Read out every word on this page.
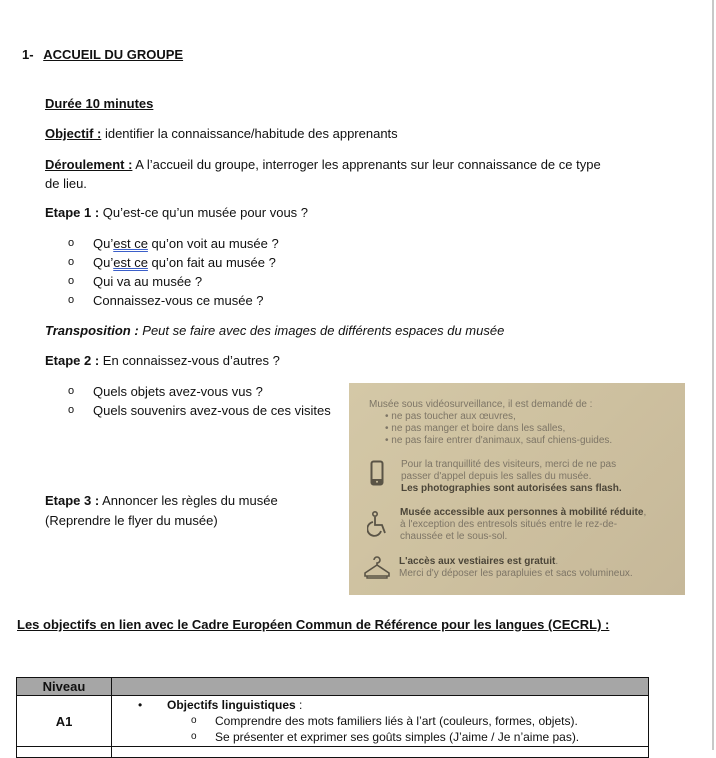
1- ACCUEIL DU GROUPE
Durée 10 minutes
Objectif : identifier la connaissance/habitude des apprenants
Déroulement : A l’accueil du groupe, interroger les apprenants sur leur connaissance de ce type
de lieu.
Etape 1 : Qu’est-ce qu’un musée pour vous ?
o Qu’est ce qu’on voit au musée ?
o Qu’est ce qu’on fait au musée ?
o Qui va au musée ?
o Connaissez-vous ce musée ?
Transposition : Peut se faire avec des images de différents espaces du musée
Etape 2 : En connaissez-vous d’autres ?
o Quels objets avez-vous vus ?
o Quels souvenirs avez-vous de ces visites
Etape 3 : Annoncer les règles du musée
(Reprendre le flyer du musée)
Musée sous vidéosurveillance, il est demandé de :
• ne pas toucher aux œuvres,
• ne pas manger et boire dans les salles,
• ne pas faire entrer d'animaux, sauf chiens-guides.
Pour la tranquillité des visiteurs, merci de ne pas
passer d'appel depuis les salles du musée.
Les photographies sont autorisées sans flash.
Musée accessible aux personnes à mobilité réduite,
à l'exception des entresols situés entre le rez-de-
chaussée et le sous-sol.
L'accès aux vestiaires est gratuit.
Merci d'y déposer les parapluies et sacs volumineux.
Les objectifs en lien avec le Cadre Européen Commun de Référence pour les langues (CECRL) :
Niveau	
A1	
• Objectifs linguistiques :
o Comprendre des mots familiers liés à l’art (couleurs, formes, objets).
o Se présenter et exprimer ses goûts simples (J’aime / Je n’aime pas).
